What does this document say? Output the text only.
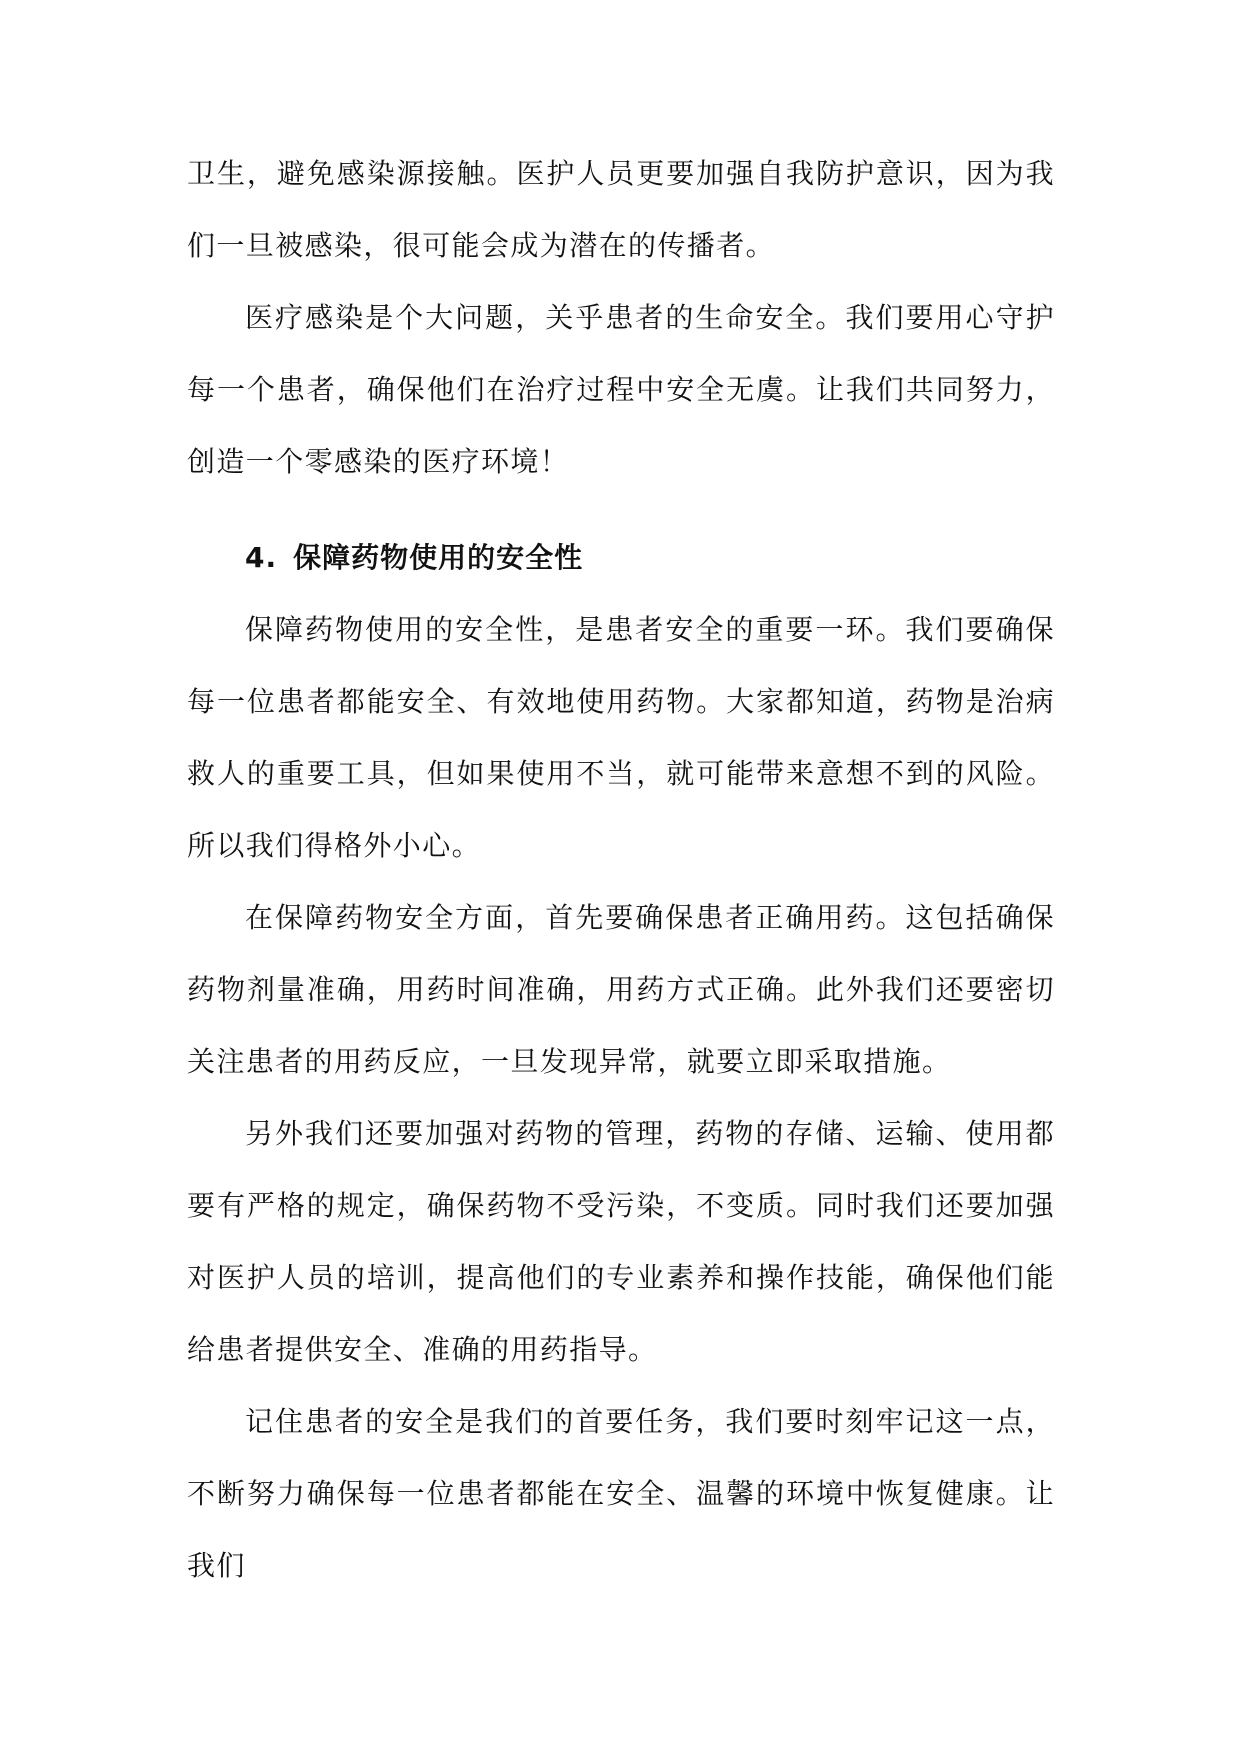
卫生，避免感染源接触。医护人员更要加强自我防护意识，因为我们一旦被感染，很可能会成为潜在的传播者。

医疗感染是个大问题，关乎患者的生命安全。我们要用心守护每一个患者，确保他们在治疗过程中安全无虞。让我们共同努力，创造一个零感染的医疗环境！

4. 保障药物使用的安全性

保障药物使用的安全性，是患者安全的重要一环。我们要确保每一位患者都能安全、有效地使用药物。大家都知道，药物是治病救人的重要工具，但如果使用不当，就可能带来意想不到的风险。所以我们得格外小心。

在保障药物安全方面，首先要确保患者正确用药。这包括确保药物剂量准确，用药时间准确，用药方式正确。此外我们还要密切关注患者的用药反应，一旦发现异常，就要立即采取措施。

另外我们还要加强对药物的管理，药物的存储、运输、使用都要有严格的规定，确保药物不受污染，不变质。同时我们还要加强对医护人员的培训，提高他们的专业素养和操作技能，确保他们能给患者提供安全、准确的用药指导。

记住患者的安全是我们的首要任务，我们要时刻牢记这一点，不断努力确保每一位患者都能在安全、温馨的环境中恢复健康。让我们
